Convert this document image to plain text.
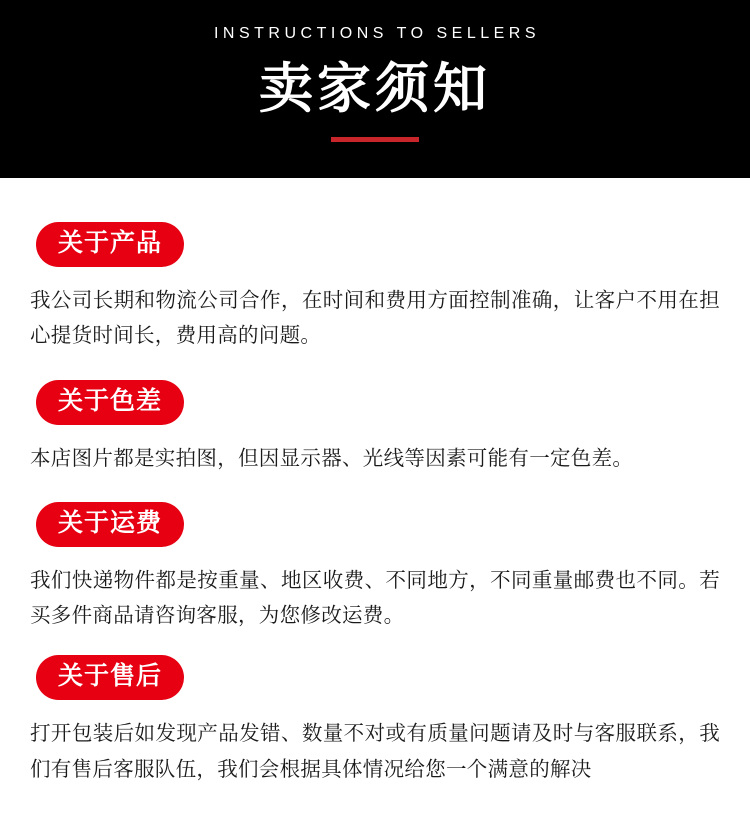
INSTRUCTIONS TO SELLERS
卖家须知
关于产品

我公司长期和物流公司合作，在时间和费用方面控制准确，让客户不用在担心提货时间长，费用高的问题。

关于色差

本店图片都是实拍图，但因显示器、光线等因素可能有一定色差。

关于运费

我们快递物件都是按重量、地区收费、不同地方，不同重量邮费也不同。若买多件商品请咨询客服，为您修改运费。

关于售后

打开包装后如发现产品发错、数量不对或有质量问题请及时与客服联系，我们有售后客服队伍，我们会根据具体情况给您一个满意的解决
